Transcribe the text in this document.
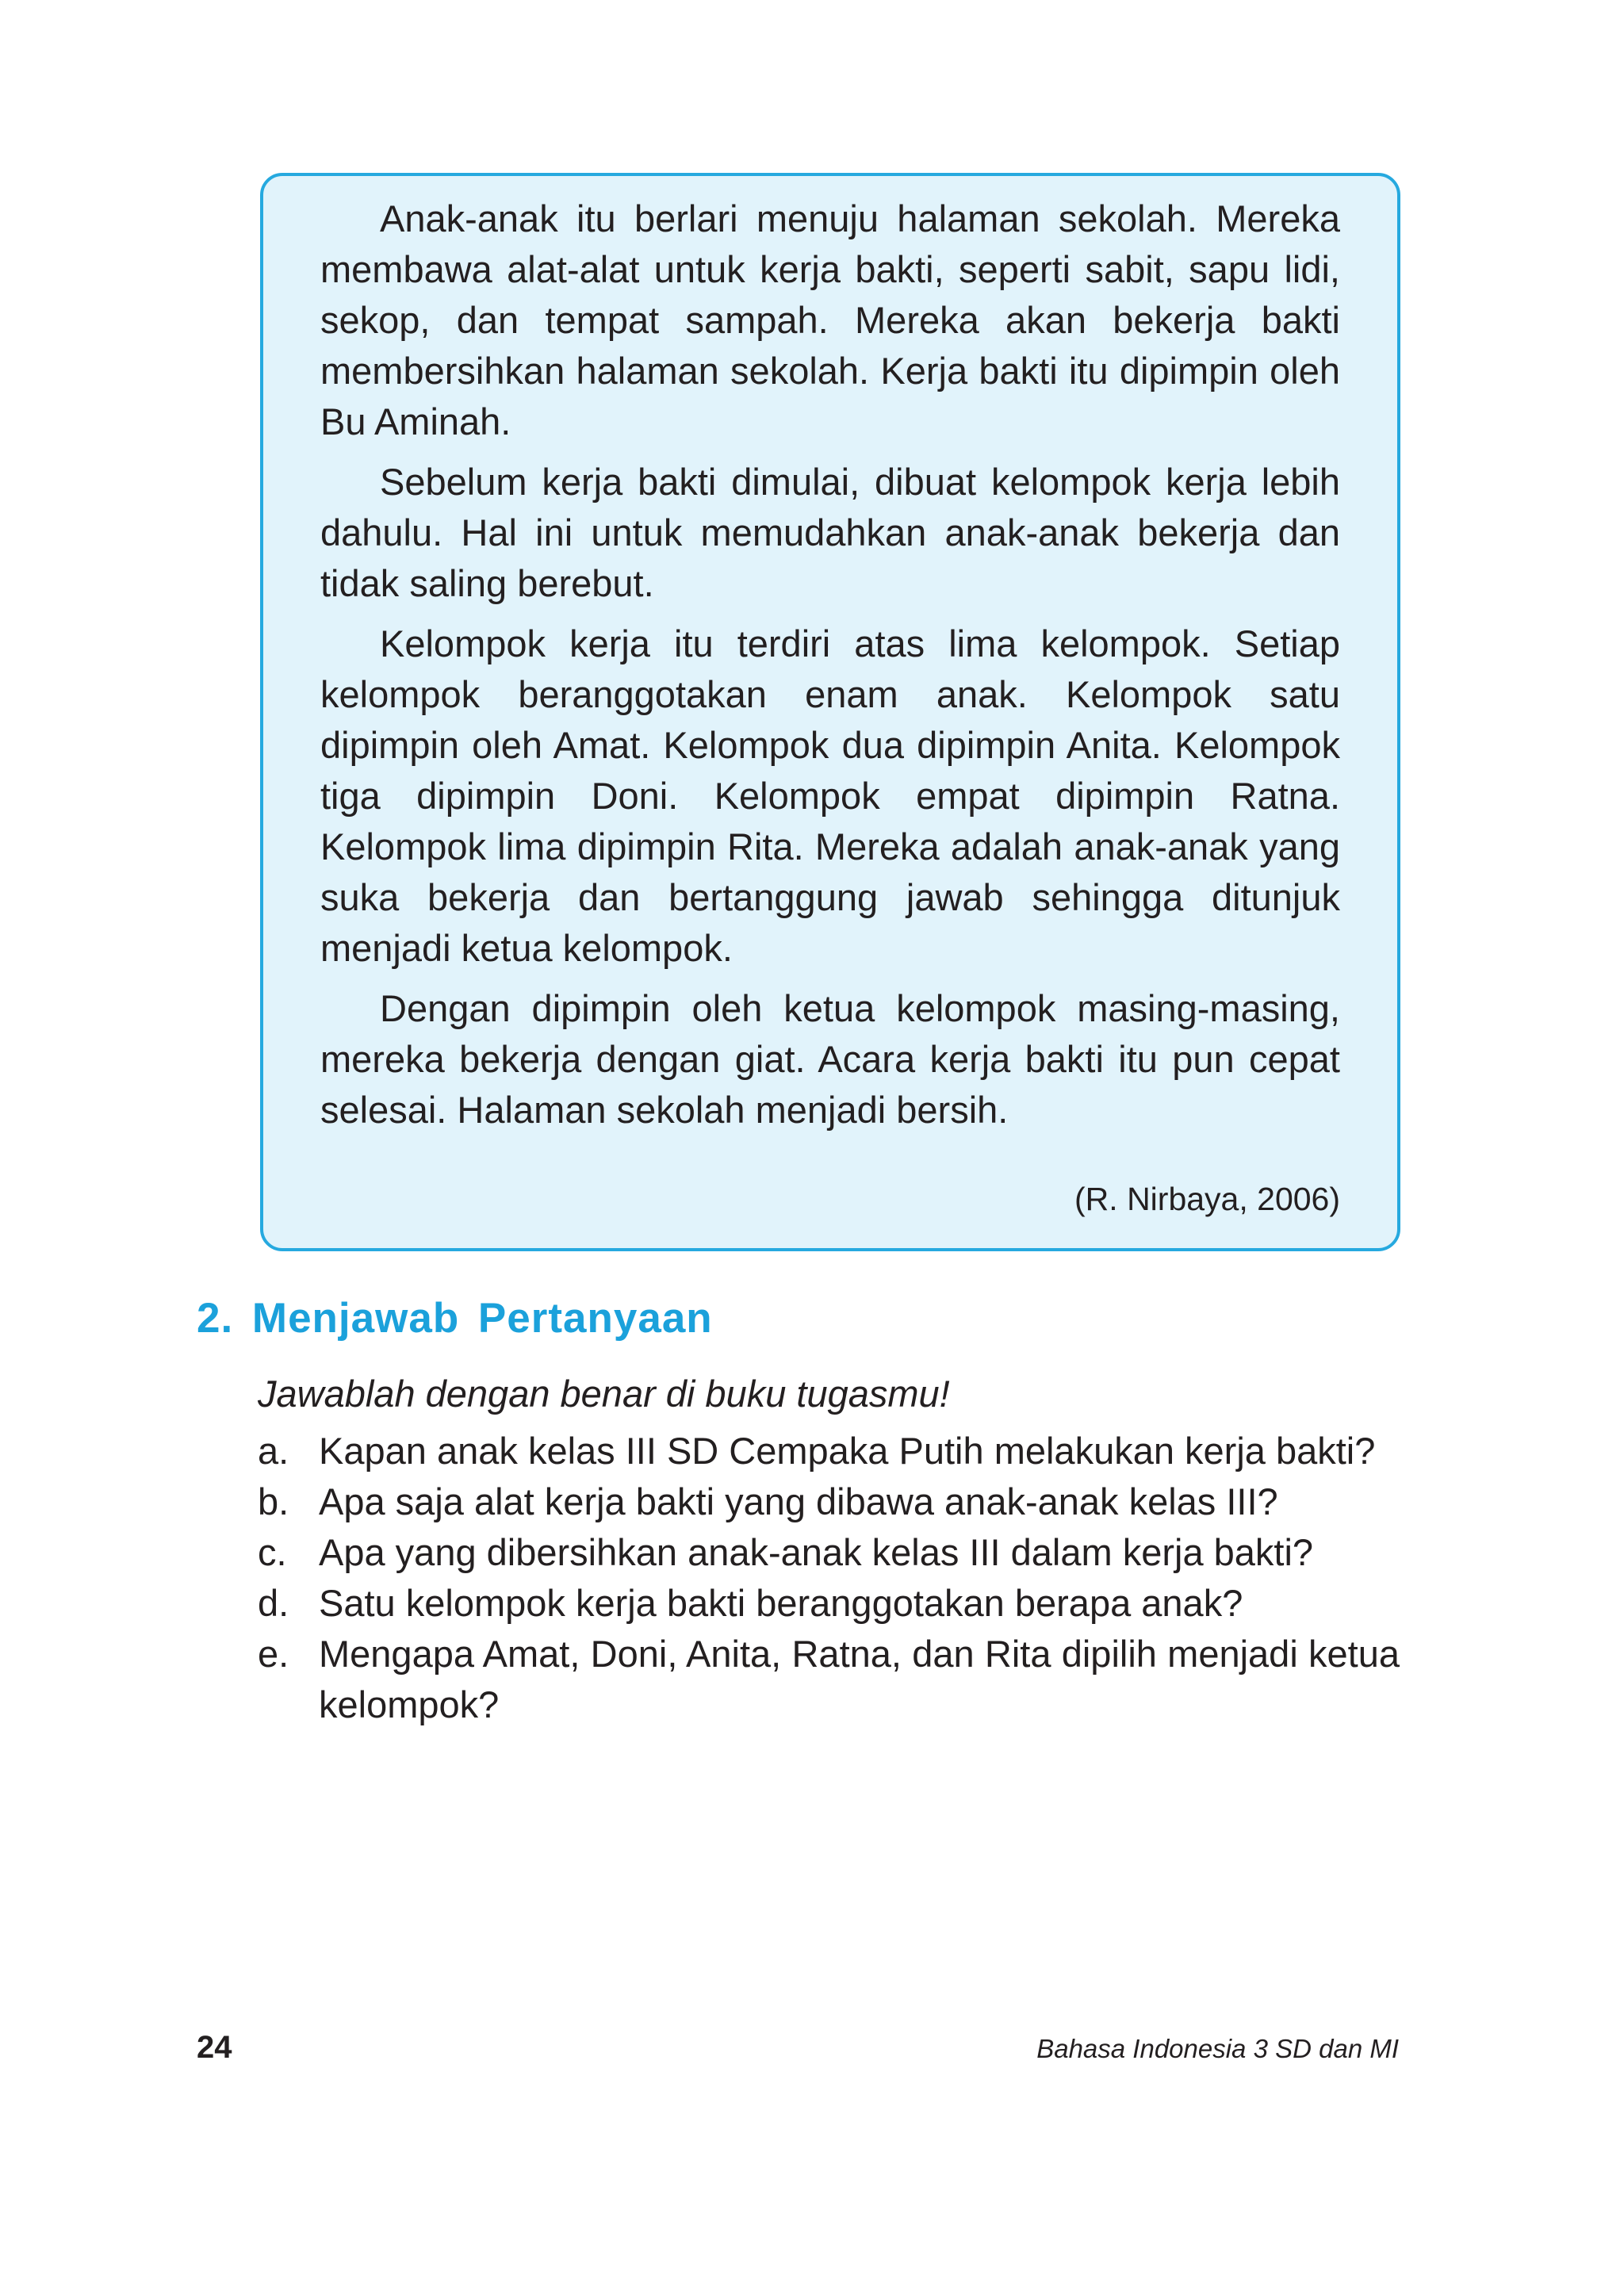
Anak-anak itu berlari menuju halaman sekolah. Mereka membawa alat-alat untuk kerja bakti, seperti sabit, sapu lidi, sekop, dan tempat sampah. Mereka akan bekerja bakti membersihkan halaman sekolah. Kerja bakti itu dipimpin oleh Bu Aminah.

Sebelum kerja bakti dimulai, dibuat kelompok kerja lebih dahulu. Hal ini untuk memudahkan anak-anak bekerja dan tidak saling berebut.

Kelompok kerja itu terdiri atas lima kelompok. Setiap kelompok beranggotakan enam anak. Kelompok satu dipimpin oleh Amat. Kelompok dua dipimpin Anita. Kelompok tiga dipimpin Doni. Kelompok empat dipimpin Ratna. Kelompok lima dipimpin Rita. Mereka adalah anak-anak yang suka bekerja dan bertanggung jawab sehingga ditunjuk menjadi ketua kelompok.

Dengan dipimpin oleh ketua kelompok masing-masing, mereka bekerja dengan giat. Acara kerja bakti itu pun cepat selesai. Halaman sekolah menjadi bersih.

(R. Nirbaya, 2006)

2. Menjawab Pertanyaan

Jawablah dengan benar di buku tugasmu!

a. Kapan anak kelas III SD Cempaka Putih melakukan kerja bakti?
b. Apa saja alat kerja bakti yang dibawa anak-anak kelas III?
c. Apa yang dibersihkan anak-anak kelas III dalam kerja bakti?
d. Satu kelompok kerja bakti beranggotakan berapa anak?
e. Mengapa Amat, Doni, Anita, Ratna, dan Rita dipilih menjadi ketua kelompok?

24	Bahasa Indonesia 3 SD dan MI
